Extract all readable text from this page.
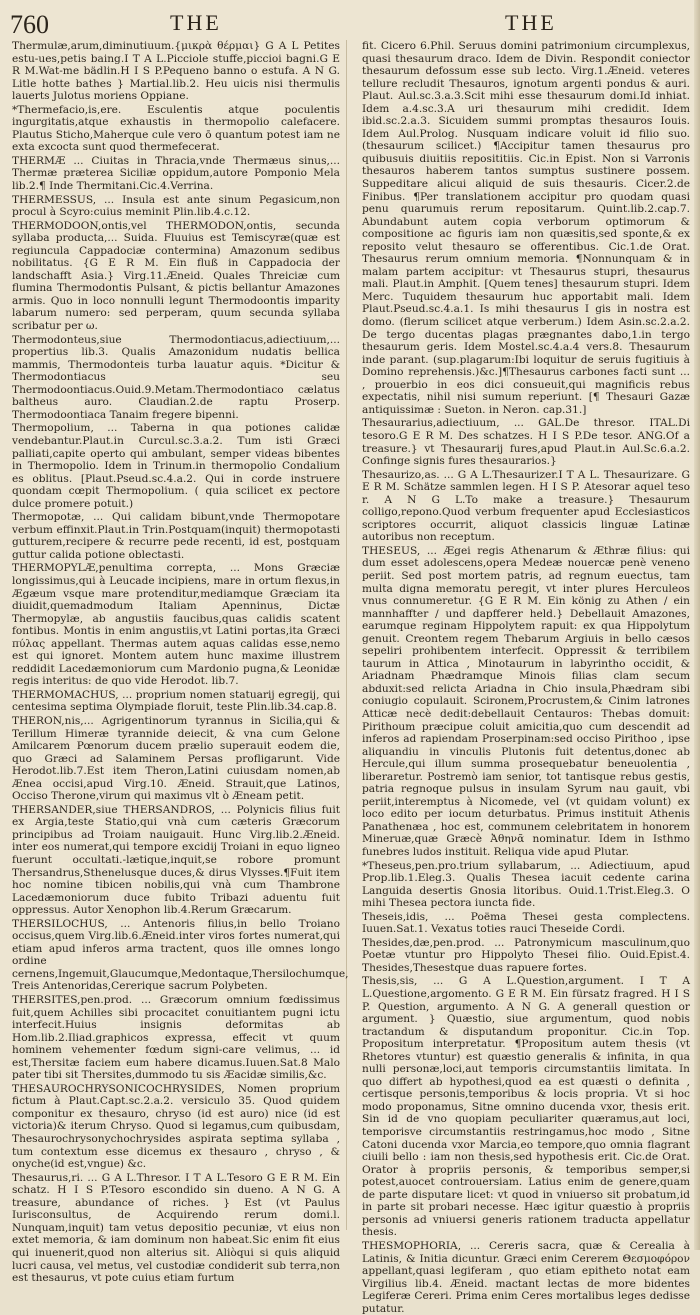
760	THE	THE

Thermulæ,arum,diminutiuum.{μικρὰ θέρμαι} G A L Petites estu-ues,petis baing.I T A L.Picciole stuffe,piccioi bagni.G E R M.Wat-me bädlin.H I S P.Pequeno banno o estufa. A N G. Litle hotte bathes } Martial.lib.2. Heu uicis nisi thermulis lauerts Julotus moriens Oppiane.

*Thermefacio,is,ere. Esculentis atque poculentis ingurgitatis,atque exhaustis in thermopolio calefacere. Plautus Sticho,Maherque cule vero ō quantum potest iam ne exta excocta sunt quod thermefecerat.

THERMÆ ... Ciuitas in Thracia,vnde Thermæus sinus,... Thermæ præterea Siciliæ oppidum,autore Pomponio Mela lib.2.¶ Inde Thermitani.Cic.4.Verrina.

THERMESSUS, ... Insula est ante sinum Pegasicum,non procul à Scyro:cuius meminit Plin.lib.4.c.12.

THERMODOON,ontis,vel THERMODON,ontis, secunda syllaba producta,... Suida. Fluuius est Temiscyræ(quæ est regiuncula Cappadociæ contermina) Amazonum sedibus nobilitatus. {G E R M. Ein fluß in Cappadocia der landschafft Asia.} Virg.11.Æneid. Quales Threiciæ cum flumina Thermodontis Pulsant, & pictis bellantur Amazones armis. Quo in loco nonnulli legunt Thermodoontis imparity labarum numero: sed perperam, quum secunda syllaba scribatur per ω.

Thermodonteus,siue Thermodontiacus,adiectiuum,... propertius lib.3. Qualis Amazonidum nudatis bellica mammis, Thermodonteis turba lauatur aquis. *Dicitur & Thermodontiacus seu Thermodoontiacus.Ouid.9.Metam.Thermodontiaco cælatus baltheus auro. Claudian.2.de raptu Proserp. Thermodoontiaca Tanaim fregere bipenni.

Thermopolium, ... Taberna in qua potiones calidæ vendebantur.Plaut.in Curcul.sc.3.a.2. Tum isti Græci palliati,capite operto qui ambulant, semper videas bibentes in Thermopolio. Idem in Trinum.in thermopolio Condalium es oblitus. [Plaut.Pseud.sc.4.a.2. Qui in corde instruere quondam cœpit Thermopolium. ( quia scilicet ex pectore dulce promere potuit.)

Thermopotæ, ... Qui calidam bibunt,vnde Thermopotare verbum effinxit.Plaut.in Trin.Postquam(inquit) thermopotasti gutturem,recipere & recurre pede recenti, id est, postquam guttur calida potione oblectasti.

THERMOPYLÆ,penultima correpta, ... Mons Græciæ longissimus,qui à Leucade incipiens, mare in ortum flexus,in Ægæum vsque mare protenditur,mediamque Græciam ita diuidit,quemadmodum Italiam Apenninus, Dictæ Thermopylæ, ab angustiis faucibus,quas calidis scatent fontibus. Montis in enim angustiis,vt Latini portas,ita Græci πύλας appellant. Thermas autem aquas calidas esse,nemo est qui ignoret. Montem autem hunc maxime illustrem reddidit Lacedæmoniorum cum Mardonio pugna,& Leonidæ regis interitus: de quo vide Herodot. lib.7.

THERMOMACHUS, ... proprium nomen statuarij egregij, qui centesima septima Olympiade floruit, teste Plin.lib.34.cap.8.

THERON,nis,... Agrigentinorum tyrannus in Sicilia,qui & Terillum Himeræ tyrannide deiecit, & vna cum Gelone Amilcarem Pœnorum ducem prælio superauit eodem die, quo Græci ad Salaminem Persas profligarunt. Vide Herodot.lib.7.Est item Theron,Latini cuiusdam nomen,ab Ænea occisi,apud Virg.10. Æneid. Strauit,que Latinos, Occiso Therone,virum qui maximus vlt ò Æneam petit.

THERSANDER,siue THERSANDROS, ... Polynicis filius fuit ex Argia,teste Statio,qui vnà cum cæteris Græcorum principibus ad Troiam nauigauit. Hunc Virg.lib.2.Æneid. inter eos numerat,qui tempore excidij Troiani in equo ligneo fuerunt occultati.-lætique,inquit,se robore promunt Thersandrus,Sthenelusque duces,& dirus Vlysses.¶Fuit item hoc nomine tibicen nobilis,qui vnà cum Thambrone Lacedæmoniorum duce fubito Tribazi aduentu fuit oppressus. Autor Xenophon lib.4.Rerum Græcarum.

THERSILOCHUS, ... Antenoris filius,in bello Troiano occisus,quem Virg.lib.6.Æneid.inter viros fortes numerat,qui etiam apud inferos arma tractent, quos ille omnes longo ordine cernens,Ingemuit,Glaucumque,Medontaque,Thersilochumque, Treis Antenoridas,Cererique sacrum Polybeten.

THERSITES,pen.prod. ... Græcorum omnium fœdissimus fuit,quem Achilles sibi procacitet conuitiantem pugni ictu interfecit.Huius insignis deformitas ab Hom.lib.2.Iliad.graphicos expressa, effecit vt quum hominem vehementer fœdum signi-care velimus, ... id est,Thersitæ faciem eum habere dicamus.Iuuen.Sat.8 Malo pater tibi sit Thersites,dummodo tu sis Æacidæ similis,&c.

THESAUROCHRYSONICOCHRYSIDES, Nomen proprium fictum à Plaut.Capt.sc.2.a.2. versiculo 35. Quod quidem componitur ex thesauro, chryso (id est auro) nice (id est victoria)& iterum Chryso. Quod si legamus,cum quibusdam, Thesaurochrysonychochrysides aspirata septima syllaba , tum contextum esse dicemus ex thesauro , chryso , & onyche(id est,vngue) &c.

Thesaurus,ri. ... G A L.Thresor. I T A L.Tesoro G E R M. Ein schatz. H I S P.Tesoro escondido sin dueno. A N G. A treasure, abundance of riches. } Est (vt Paulus Iurisconsultus, de Acquirendo rerum domi.l. Nunquam,inquit) tam vetus depositio pecuniæ, vt eius non extet memoria, & iam dominum non habeat.Sic enim fit eius qui inuenerit,quod non alterius sit. Aliòqui si quis aliquid lucri causa, vel metus, vel custodiæ condiderit sub terra,non est thesaurus, vt pote cuius etiam furtum

fit. Cicero 6.Phil. Seruus domini patrimonium circumplexus, quasi thesaurum draco. Idem de Divin. Respondit coniector thesaurum defossum esse sub lecto. Virg.1.Æneid. veteres tellure recludit Thesauros, ignotum argenti pondus & auri. Plaut. Aul.sc.3.a.3.Scit mihi esse thesaurum domi.Id inhiat. Idem a.4.sc.3.A uri thesaurum mihi credidit. Idem ibid.sc.2.a.3. Sicuidem summi promptas thesauros Iouis. Idem Aul.Prolog. Nusquam indicare voluit id filio suo. (thesaurum scilicet.) ¶Accipitur tamen thesaurus pro quibusuis diuitiis reposititiis. Cic.in Epist. Non si Varronis thesauros haberem tantos sumptus sustinere possem. Suppeditare alicui aliquid de suis thesauris. Cicer.2.de Finibus. ¶Per translationem accipitur pro quodam quasi penu quarumuis rerum repositarum. Quint.lib.2.cap.7. Abundabunt autem copia verborum optimorum & compositione ac figuris iam non quæsitis,sed sponte,& ex reposito velut thesauro se offerentibus. Cic.1.de Orat. Thesaurus rerum omnium memoria. ¶Nonnunquam & in malam partem accipitur: vt Thesaurus stupri, thesaurus mali. Plaut.in Amphit. [Quem tenes] thesaurum stupri. Idem Merc. Tuquidem thesaurum huc apportabit mali. Idem Plaut.Pseud.sc.4.a.1. Is mihi thesaurus I gis in nostra est domo. (flerum scilicet atque verberum.) Idem Asin.sc.2.a.2. De tergo ducentas plagas prægnantes dabo,1.in tergo thesaurum geris. Idem Mostel.sc.4.a.4 vers.8. Thesaurum inde parant. (sup.plagarum:Ibi loquitur de seruis fugitiuis à Domino reprehensis.)&c.]¶Thesaurus carbones facti sunt ... , prouerbio in eos dici consueuit,qui magnificis rebus expectatis, nihil nisi sumum reperiunt. [¶ Thesauri Gazæ antiquissimæ : Sueton. in Neron. cap.31.]

Thesaurarius,adiectiuum, ... GAL.De thresor. ITAL.Di tesoro.G E R M. Des schatzes. H I S P.De tesor. ANG.Of a treasure.} vt Thesaurarij fures,apud Plaut.in Aul.Sc.6.a.2. Confinge signis fures thesaurarios.}

Thesaurizo,as. ... G A L.Thesaurizer.I T A L. Thesaurizare. G E R M. Schätze sammlen legen. H I S P. Atesorar aquel teso r. A N G L.To make a treasure.} Thesaurum colligo,repono.Quod verbum frequenter apud Ecclesiasticos scriptores occurrit, aliquot classicis linguæ Latinæ autoribus non receptum.

THESEUS, ... Ægei regis Athenarum & Æthræ filius: qui dum esset adolescens,opera Medeæ nouercæ penè veneno periit. Sed post mortem patris, ad regnum euectus, tam multa digna memoratu peregit, vt inter plures Herculeos vnus connumeretur. {G E R M. Ein könig zu Athen / ein mannhaffter / und dapfferer held.} Debellauit Amazones, earumque reginam Hippolytem rapuit: ex qua Hippolytum genuit. Creontem regem Thebarum Argiuis in bello cæsos sepeliri prohibentem interfecit. Oppressit & terribilem taurum in Attica , Minotaurum in labyrintho occidit, & Ariadnam Phædramque Minois filias clam secum abduxit:sed relicta Ariadna in Chio insula,Phædram sibi coniugio copulauit. Scironem,Procrustem,& Cinim latrones Atticæ necè dedit:debellauit Centauros: Thebas domuit: Pirithoum præcipue coluit amicitia,quo cum descendit ad inferos ad rapiendam Proserpinam:sed occiso Pirithoo , ipse aliquandiu in vinculis Plutonis fuit detentus,donec ab Hercule,qui illum summa prosequebatur beneuolentia , liberaretur. Postremò iam senior, tot tantisque rebus gestis, patria regnoque pulsus in insulam Syrum nau gauit, vbi periit,interemptus à Nicomede, vel (vt quidam volunt) ex loco edito per iocum deturbatus. Primus instituit Athenis Panathenæa , hoc est, communem celebritatem in honorem Mineruæ,quæ Græcè Ἀθηνᾶ nominatur. Idem in Isthmo funebres ludos instituit. Reliqua vide apud Plutar.

*Theseus,pen.pro.trium syllabarum, ... Adiectiuum, apud Prop.lib.1.Eleg.3. Qualis Thesea iacuit cedente carina Languida desertis Gnosia litoribus. Ouid.1.Trist.Eleg.3. O mihi Thesea pectora iuncta fide.

Theseis,idis, ... Poëma Thesei gesta complectens. Iuuen.Sat.1. Vexatus toties rauci Theseide Cordi.

Thesides,dæ,pen.prod. ... Patronymicum masculinum,quo Poetæ vtuntur pro Hippolyto Thesei filio. Ouid.Epist.4. Thesides,Thesestque duas rapuere fortes.

Thesis,sis, ... G A L.Question,argument. I T A L.Questione,argomento. G E R M. Ein fürsatz fragred. H I S P. Question, argumento. A N G. A generall question or argument. } Quæstio, siue argumentum, quod nobis tractandum & disputandum proponitur. Cic.in Top. Propositum interpretatur. ¶Propositum autem thesis (vt Rhetores vtuntur) est quæstio generalis & infinita, in qua nulli personæ,loci,aut temporis circumstantiis limitata. In quo differt ab hypothesi,quod ea est quæsti o definita , certisque personis,temporibus & locis propria. Vt si hoc modo proponamus, Sitne omnino ducenda vxor, thesis erit. Sin id de vno quopiam peculiariter quæramus,aut loci, temporisve circumstantiis restringamus,hoc modo , Sitne Catoni ducenda vxor Marcia,eo tempore,quo omnia flagrant ciuili bello : iam non thesis,sed hypothesis erit. Cic.de Orat. Orator à propriis personis, & temporibus semper,si potest,auocet controuersiam. Latius enim de genere,quam de parte disputare licet: vt quod in vniuerso sit probatum,id in parte sit probari necesse. Hæc igitur quæstio à propriis personis ad vniuersi generis rationem traducta appellatur thesis.

THESMOPHORIA, ... Cereris sacra, quæ & Cerealia à Latinis, & Initia dicuntur. Græci enim Cererem Θεσμοφόρον appellant,quasi legiferam , quo etiam epitheto notat eam Virgilius lib.4. Æneid. mactant lectas de more bidentes Legiferæ Cereri. Prima enim Ceres mortalibus leges dedisse putatur.
